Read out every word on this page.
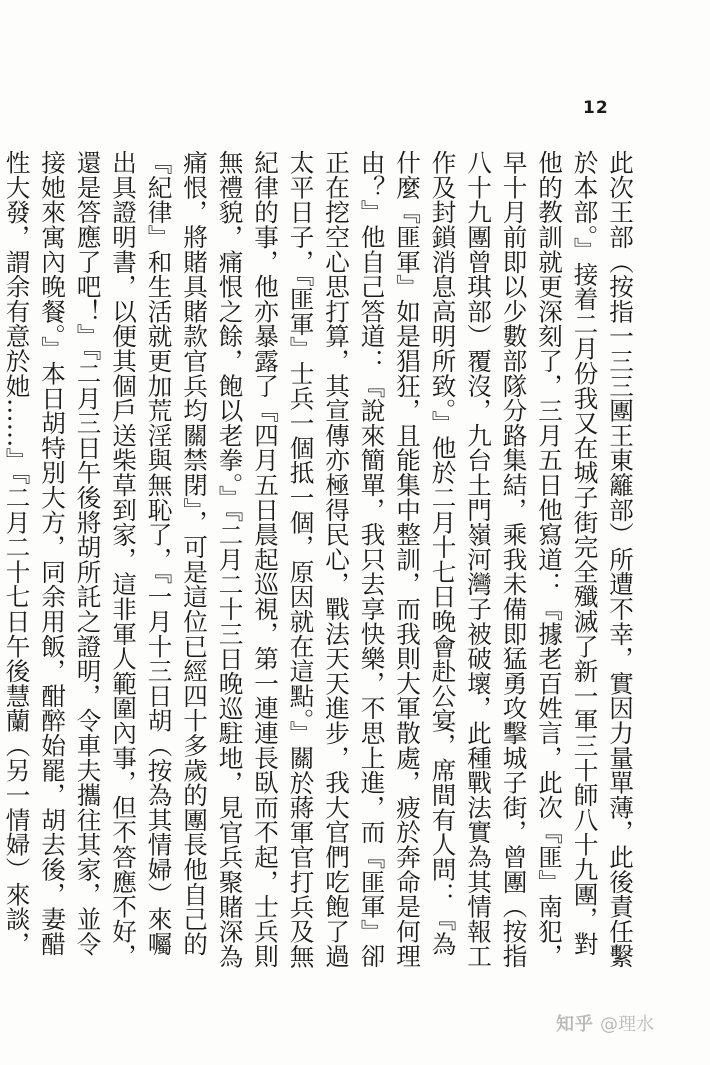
12

此次王部（按指一三三團王東籬部）所遭不幸，實因力量單薄，此後責任繫於本部。』接着二月份我又在城子街完全殲滅了新一軍三十師八十九團，對他的教訓就更深刻了，三月五日他寫道：『據老百姓言，此次『匪』南犯，早十月前即以少數部隊分路集結，乘我未備即猛勇攻擊城子街，曾團（按指八十九團曾琪部）覆沒，九台土門嶺河灣子被破壞，此種戰法實為其情報工作及封鎖消息高明所致。』他於二月十七日晚會赴公宴，席間有人問：『為什麼『匪軍』如是猖狂，且能集中整訓，而我則大軍散處，疲於奔命是何理由？』他自己答道：『說來簡單，我只去享快樂，不思上進，而『匪軍』卻正在挖空心思打算，其宣傳亦極得民心，戰法天天進步，我大官們吃飽了過太平日子，『匪軍』士兵一個抵一個，原因就在這點。』關於蔣軍官打兵及無紀律的事，他亦暴露了『四月五日晨起巡視，第一連連長臥而不起，士兵則無禮貌，痛恨之餘，飽以老拳。』『二月二十三日晚巡駐地，見官兵聚賭深為痛恨，將賭具賭款官兵均關禁閉』，可是這位已經四十多歲的團長他自己的『紀律』和生活就更加荒淫與無恥了，『一月十三日胡（按為其情婦）來囑出具證明書，以便其個戶送柴草到家，這非軍人範圍內事，但不答應不好，還是答應了吧！』『二月三日午後將胡所託之證明，令車夫攜往其家，並令接她來寓內晚餐。』本日胡特別大方，同余用飯，酣醉始罷，胡去後，妻醋性大發，謂余有意於她……』『二月二十七日午後慧蘭（另一情婦）來談，

知乎 @理水
